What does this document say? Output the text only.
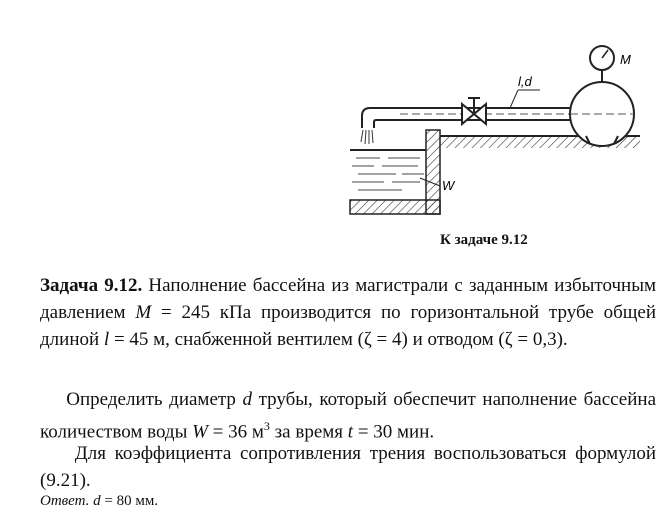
M
l,d
W
К задаче 9.12
Задача 9.12. Наполнение бассейна из магистрали с заданным избыточным давлением M = 245 кПа производится по горизонтальной трубе общей длиной l = 45 м, снабженной вентилем (ζ = 4) и отводом (ζ = 0,3).
Определить диаметр d трубы, который обеспечит наполнение бассейна количеством воды W = 36 $м^3$ за время t = 30 мин.
Для коэффициента сопротивления трения воспользоваться формулой (9.21).
Ответ. d = 80 мм.
